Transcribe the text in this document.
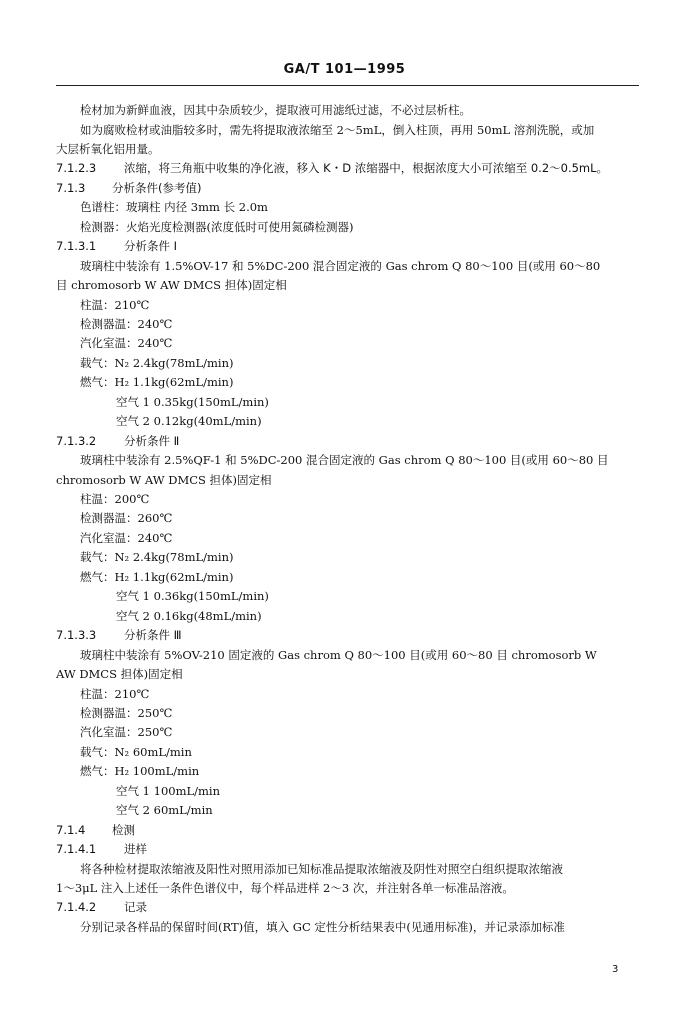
GA/T 101—1995
检材加为新鲜血液，因其中杂质较少，提取液可用滤纸过滤，不必过层析柱。
如为腐败检材或油脂较多时，需先将提取液浓缩至 2～5mL，倒入柱顶，再用 50mL 溶剂洗脱，或加
大层析氧化铝用量。
7.1.2.3 浓缩，将三角瓶中收集的净化液，移入 K・D 浓缩器中，根据浓度大小可浓缩至 0.2～0.5mL。
7.1.3 分析条件(参考值)
色谱柱：玻璃柱 内径 3mm 长 2.0m
检测器：火焰光度检测器(浓度低时可使用氮磷检测器)
7.1.3.1 分析条件 I
玻璃柱中装涂有 1.5%OV-17 和 5%DC-200 混合固定液的 Gas chrom Q 80～100 目(或用 60～80
目 chromosorb W AW DMCS 担体)固定相
柱温：210℃
检测器温：240℃
汽化室温：240℃
载气：N₂ 2.4kg(78mL/min)
燃气：H₂ 1.1kg(62mL/min)
空气 1 0.35kg(150mL/min)
空气 2 0.12kg(40mL/min)
7.1.3.2 分析条件 Ⅱ
玻璃柱中装涂有 2.5%QF-1 和 5%DC-200 混合固定液的 Gas chrom Q 80～100 目(或用 60～80 目
chromosorb W AW DMCS 担体)固定相
柱温：200℃
检测器温：260℃
汽化室温：240℃
载气：N₂ 2.4kg(78mL/min)
燃气：H₂ 1.1kg(62mL/min)
空气 1 0.36kg(150mL/min)
空气 2 0.16kg(48mL/min)
7.1.3.3 分析条件 Ⅲ
玻璃柱中装涂有 5%OV-210 固定液的 Gas chrom Q 80～100 目(或用 60～80 目 chromosorb W
AW DMCS 担体)固定相
柱温：210℃
检测器温：250℃
汽化室温：250℃
载气：N₂ 60mL/min
燃气：H₂ 100mL/min
空气 1 100mL/min
空气 2 60mL/min
7.1.4 检测
7.1.4.1 进样
将各种检材提取浓缩液及阳性对照用添加已知标准品提取浓缩液及阴性对照空白组织提取浓缩液
1～3μL 注入上述任一条件色谱仪中，每个样品进样 2～3 次，并注射各单一标准品溶液。
7.1.4.2 记录
分别记录各样品的保留时间(RT)值，填入 GC 定性分析结果表中(见通用标准)，并记录添加标准
3
